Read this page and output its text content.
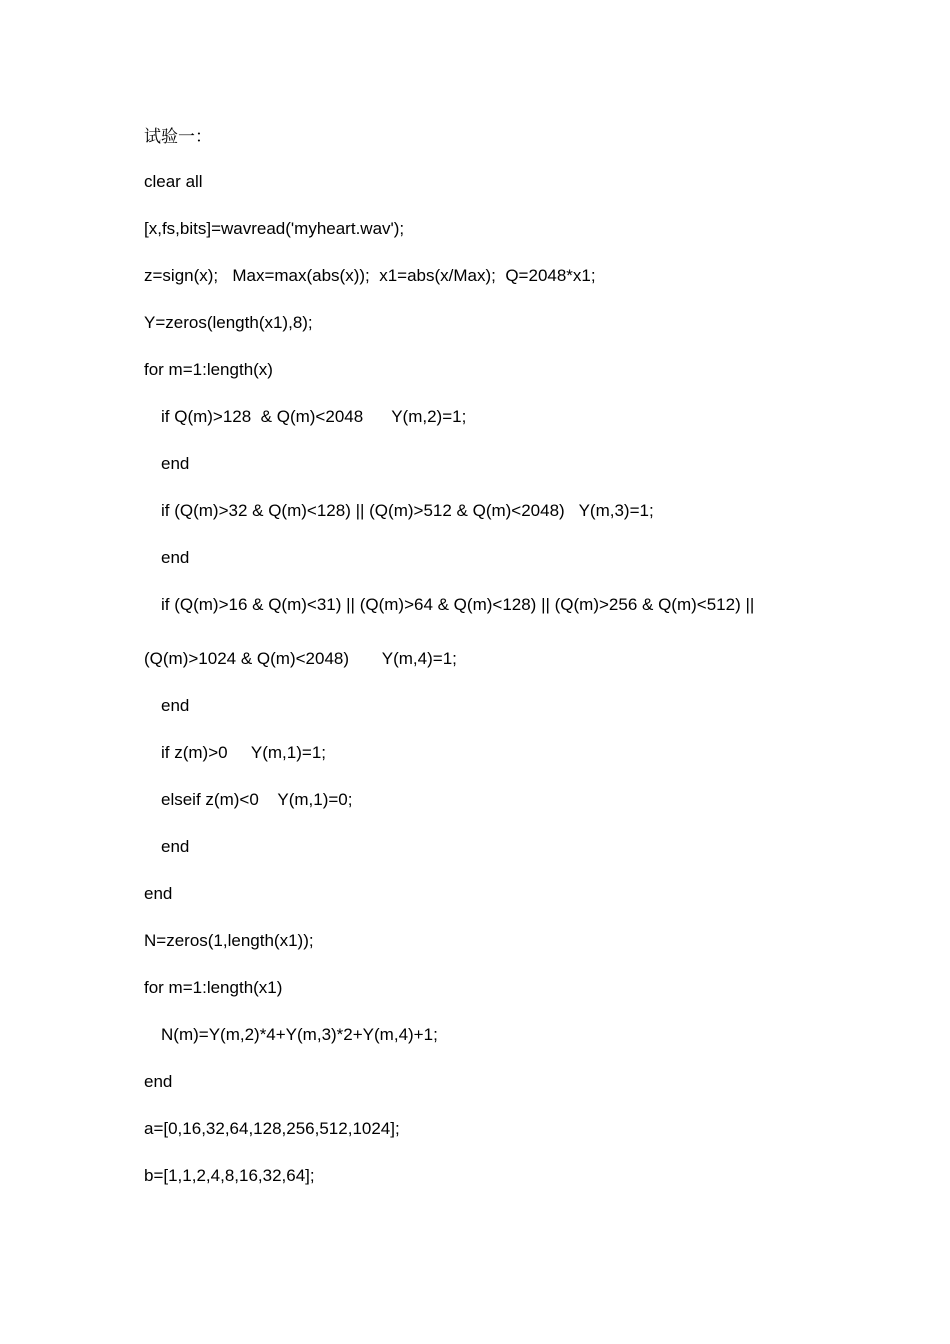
试验一：
clear all
[x,fs,bits]=wavread('myheart.wav');
z=sign(x);   Max=max(abs(x));  x1=abs(x/Max);  Q=2048*x1;
Y=zeros(length(x1),8);
for m=1:length(x)
if Q(m)>128  & Q(m)<2048      Y(m,2)=1;
end
if (Q(m)>32 & Q(m)<128) || (Q(m)>512 & Q(m)<2048)   Y(m,3)=1;
end
if (Q(m)>16 & Q(m)<31) || (Q(m)>64 & Q(m)<128) || (Q(m)>256 & Q(m)<512) ||
(Q(m)>1024 & Q(m)<2048)       Y(m,4)=1;
end
if z(m)>0     Y(m,1)=1;
elseif z(m)<0    Y(m,1)=0;
end
end
N=zeros(1,length(x1));
for m=1:length(x1)
N(m)=Y(m,2)*4+Y(m,3)*2+Y(m,4)+1;
end
a=[0,16,32,64,128,256,512,1024];
b=[1,1,2,4,8,16,32,64];
